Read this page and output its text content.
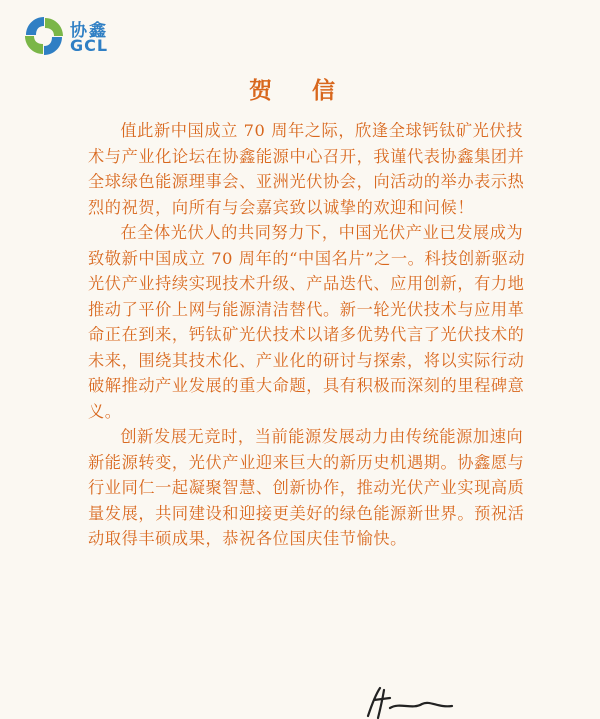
协鑫
GCL
贺 信

值此新中国成立 70 周年之际，欣逢全球钙钛矿光伏技术与产业化论坛在协鑫能源中心召开，我谨代表协鑫集团并全球绿色能源理事会、亚洲光伏协会，向活动的举办表示热烈的祝贺，向所有与会嘉宾致以诚挚的欢迎和问候！

在全体光伏人的共同努力下，中国光伏产业已发展成为致敬新中国成立 70 周年的“中国名片”之一。科技创新驱动光伏产业持续实现技术升级、产品迭代、应用创新，有力地推动了平价上网与能源清洁替代。新一轮光伏技术与应用革命正在到来，钙钛矿光伏技术以诸多优势代言了光伏技术的未来，围绕其技术化、产业化的研讨与探索，将以实际行动破解推动产业发展的重大命题，具有积极而深刻的里程碑意义。

创新发展无竞时，当前能源发展动力由传统能源加速向新能源转变，光伏产业迎来巨大的新历史机遇期。协鑫愿与行业同仁一起凝聚智慧、创新协作，推动光伏产业实现高质量发展，共同建设和迎接更美好的绿色能源新世界。预祝活动取得丰硕成果，恭祝各位国庆佳节愉快。
